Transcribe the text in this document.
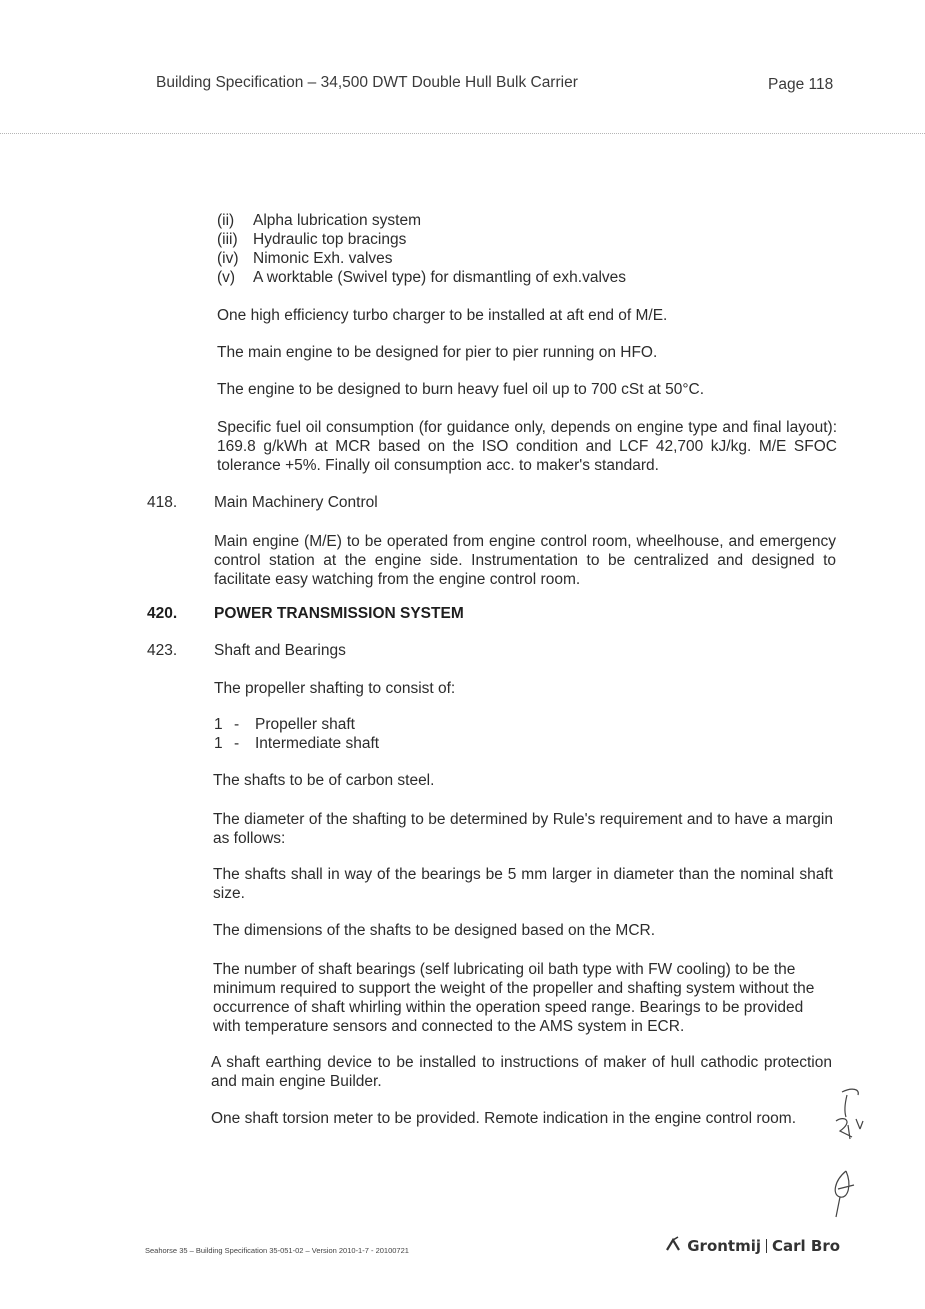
Building Specification – 34,500 DWT Double Hull Bulk Carrier	Page 118
(ii) Alpha lubrication system
(iii) Hydraulic top bracings
(iv) Nimonic Exh. valves
(v) A worktable (Swivel type) for dismantling of exh.valves
One high efficiency turbo charger to be installed at aft end of M/E.
The main engine to be designed for pier to pier running on HFO.
The engine to be designed to burn heavy fuel oil up to 700 cSt at 50°C.
Specific fuel oil consumption (for guidance only, depends on engine type and final layout): 169.8 g/kWh at MCR based on the ISO condition and LCF 42,700 kJ/kg. M/E SFOC tolerance +5%. Finally oil consumption acc. to maker's standard.
418. Main Machinery Control
Main engine (M/E) to be operated from engine control room, wheelhouse, and emergency control station at the engine side. Instrumentation to be centralized and designed to facilitate easy watching from the engine control room.
420. POWER TRANSMISSION SYSTEM
423. Shaft and Bearings
The propeller shafting to consist of:
1 - Propeller shaft
1 - Intermediate shaft
The shafts to be of carbon steel.
The diameter of the shafting to be determined by Rule's requirement and to have a margin as follows:
The shafts shall in way of the bearings be 5 mm larger in diameter than the nominal shaft size.
The dimensions of the shafts to be designed based on the MCR.
The number of shaft bearings (self lubricating oil bath type with FW cooling) to be the minimum required to support the weight of the propeller and shafting system without the occurrence of shaft whirling within the operation speed range. Bearings to be provided with temperature sensors and connected to the AMS system in ECR.
A shaft earthing device to be installed to instructions of maker of hull cathodic protection and main engine Builder.
One shaft torsion meter to be provided. Remote indication in the engine control room.
Seahorse 35 – Building Specification 35-051-02 – Version 2010-1-7 - 20100721	Grontmij Carl Bro
